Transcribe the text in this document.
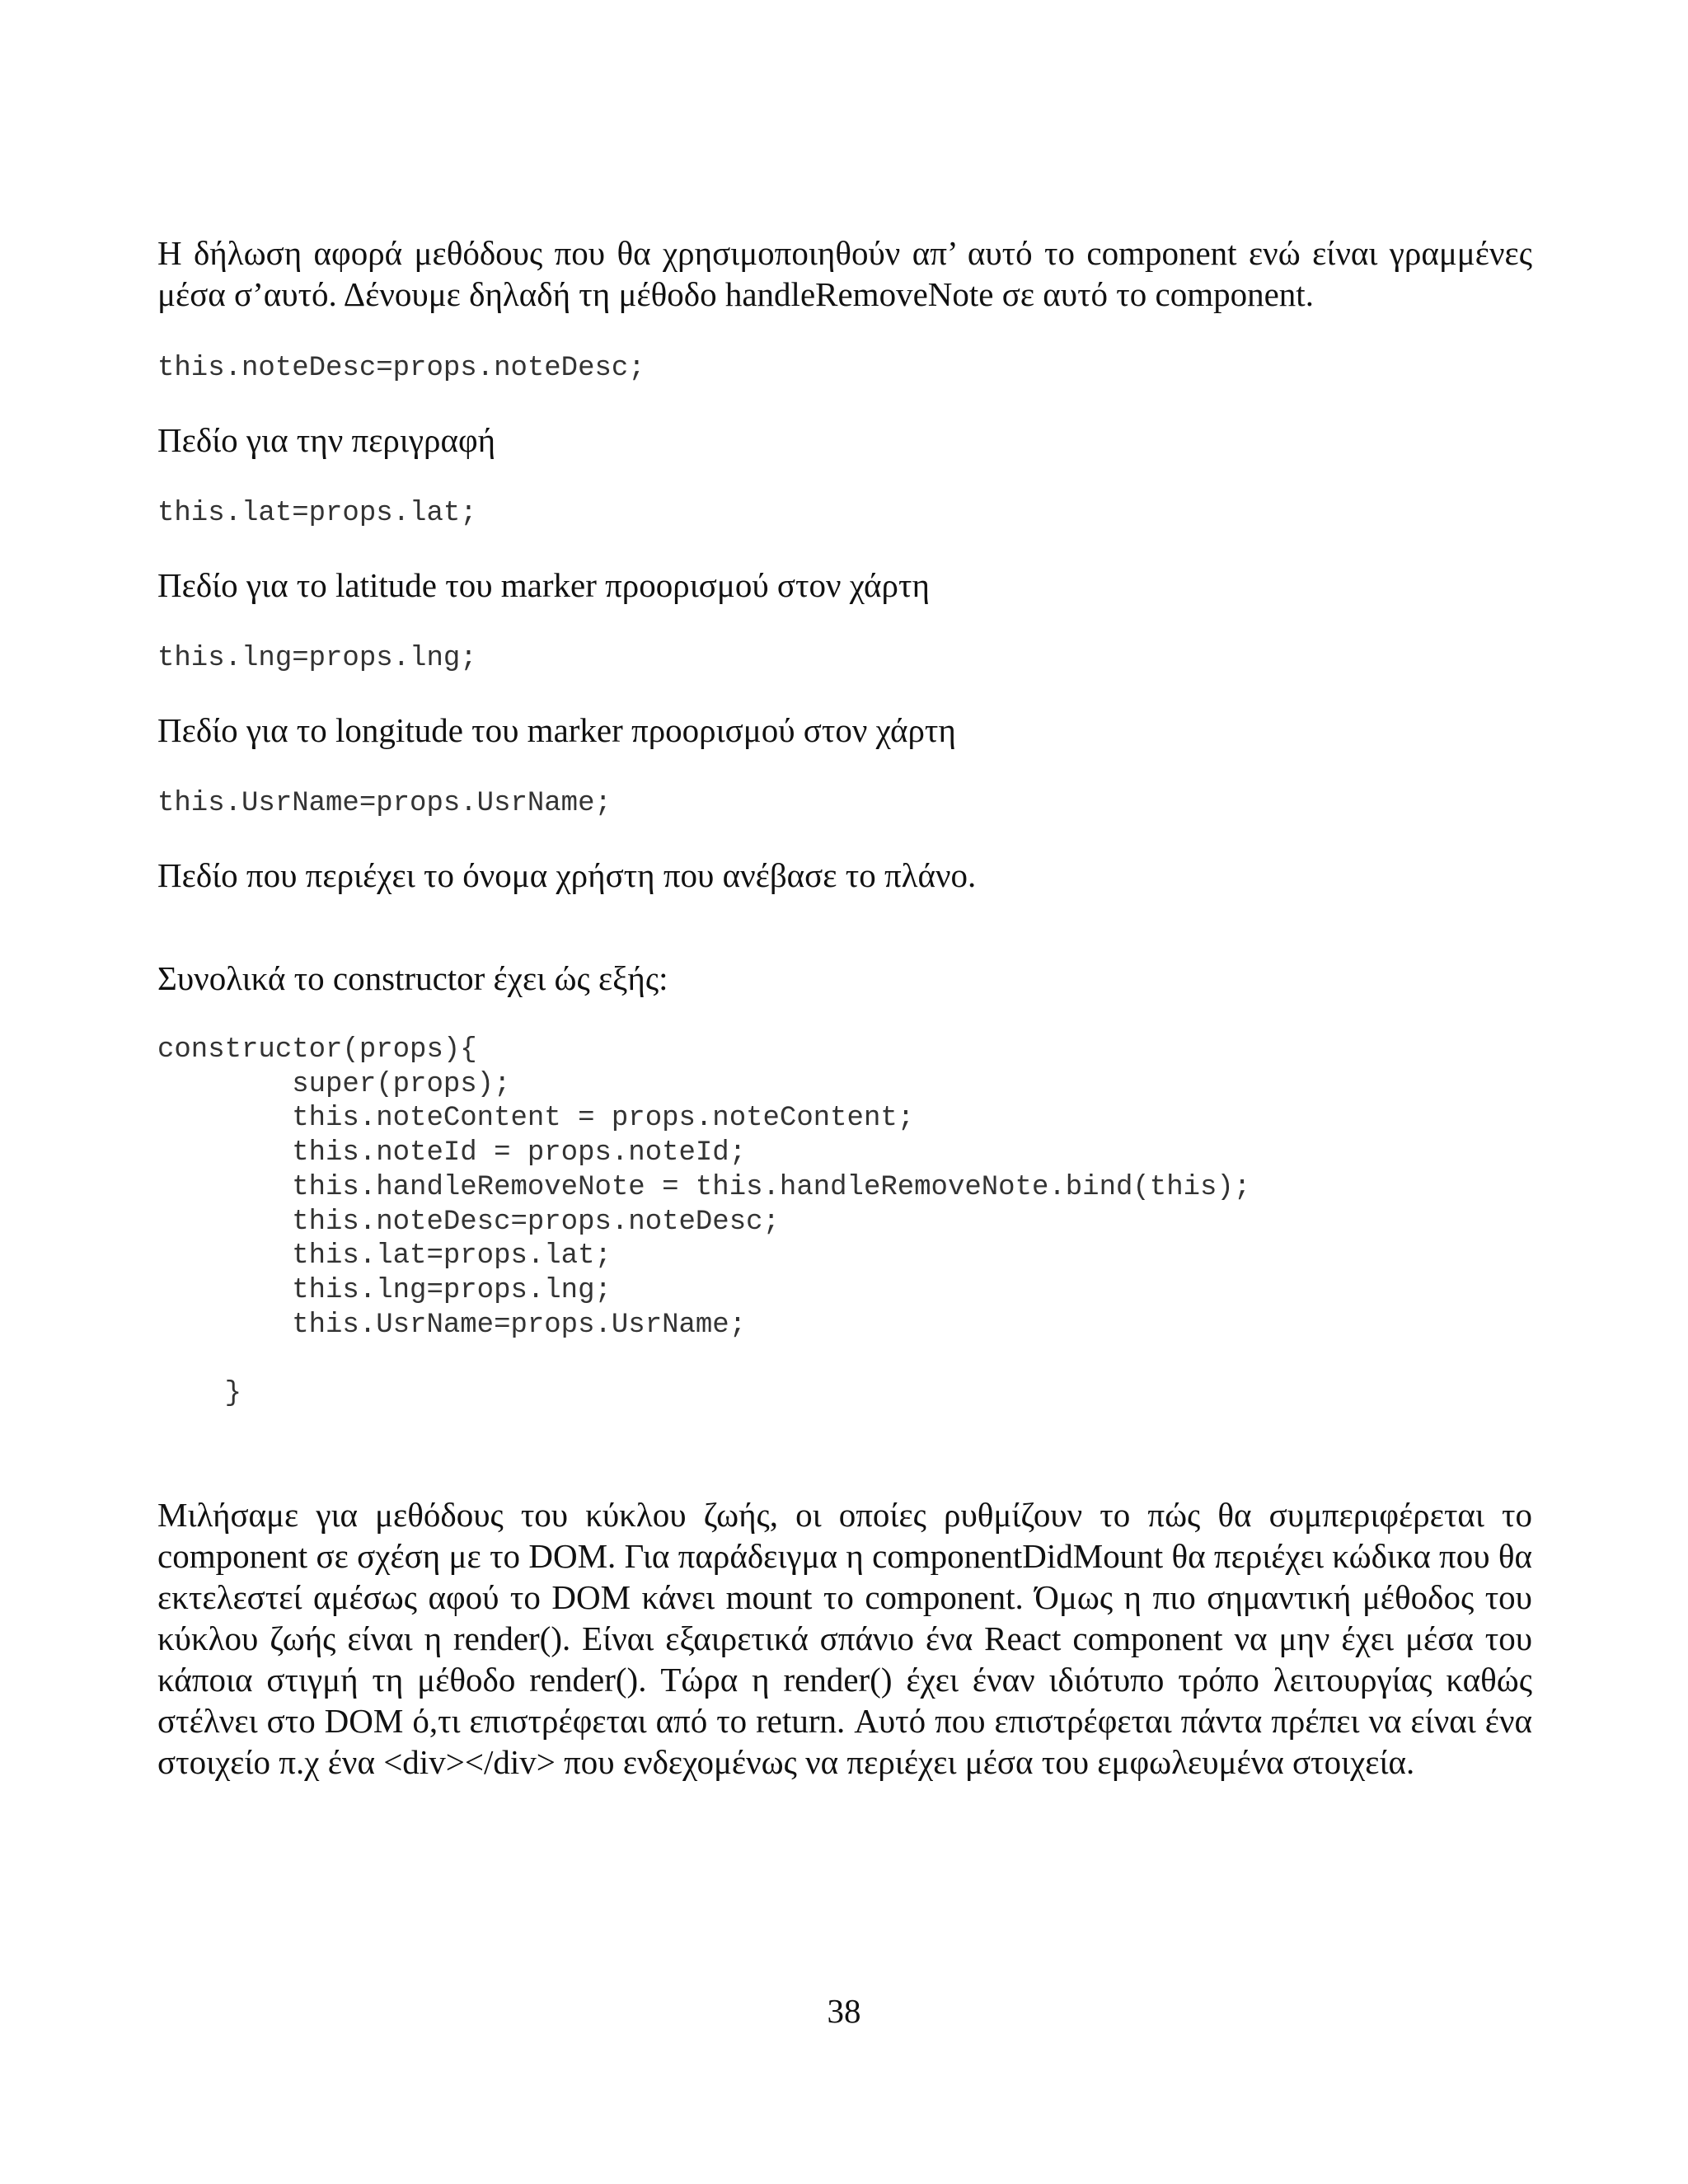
Η δήλωση αφορά μεθόδους που θα χρησιμοποιηθούν απ’ αυτό το component ενώ είναι γραμμένες μέσα σ’αυτό. Δένουμε δηλαδή τη μέθοδο handleRemoveNote σε αυτό το component.

this.noteDesc=props.noteDesc;

Πεδίο για την περιγραφή

this.lat=props.lat;

Πεδίο για το latitude του marker προορισμού στον χάρτη

this.lng=props.lng;

Πεδίο για το longitude του marker προορισμού στον χάρτη

this.UsrName=props.UsrName;

Πεδίο που περιέχει το όνομα χρήστη που ανέβασε το πλάνο.

Συνολικά το constructor έχει ώς εξής:

constructor(props){
super(props);
this.noteContent = props.noteContent;
this.noteId = props.noteId;
this.handleRemoveNote = this.handleRemoveNote.bind(this);
this.noteDesc=props.noteDesc;
this.lat=props.lat;
this.lng=props.lng;
this.UsrName=props.UsrName;

}

Μιλήσαμε για μεθόδους του κύκλου ζωής, οι οποίες ρυθμίζουν το πώς θα συμπεριφέρεται το component σε σχέση με το DOM. Για παράδειγμα η componentDidMount θα περιέχει κώδικα που θα εκτελεστεί αμέσως αφού το DOM κάνει mount το component. Όμως η πιο σημαντική μέθοδος του κύκλου ζωής είναι η render(). Είναι εξαιρετικά σπάνιο ένα React component να μην έχει μέσα του κάποια στιγμή τη μέθοδο render(). Τώρα η render() έχει έναν ιδιότυπο τρόπο λειτουργίας καθώς στέλνει στο DOM ό,τι επιστρέφεται από το return. Αυτό που επιστρέφεται πάντα πρέπει να είναι ένα στοιχείο π.χ ένα <div></div> που ενδεχομένως να περιέχει μέσα του εμφωλευμένα στοιχεία.

38
